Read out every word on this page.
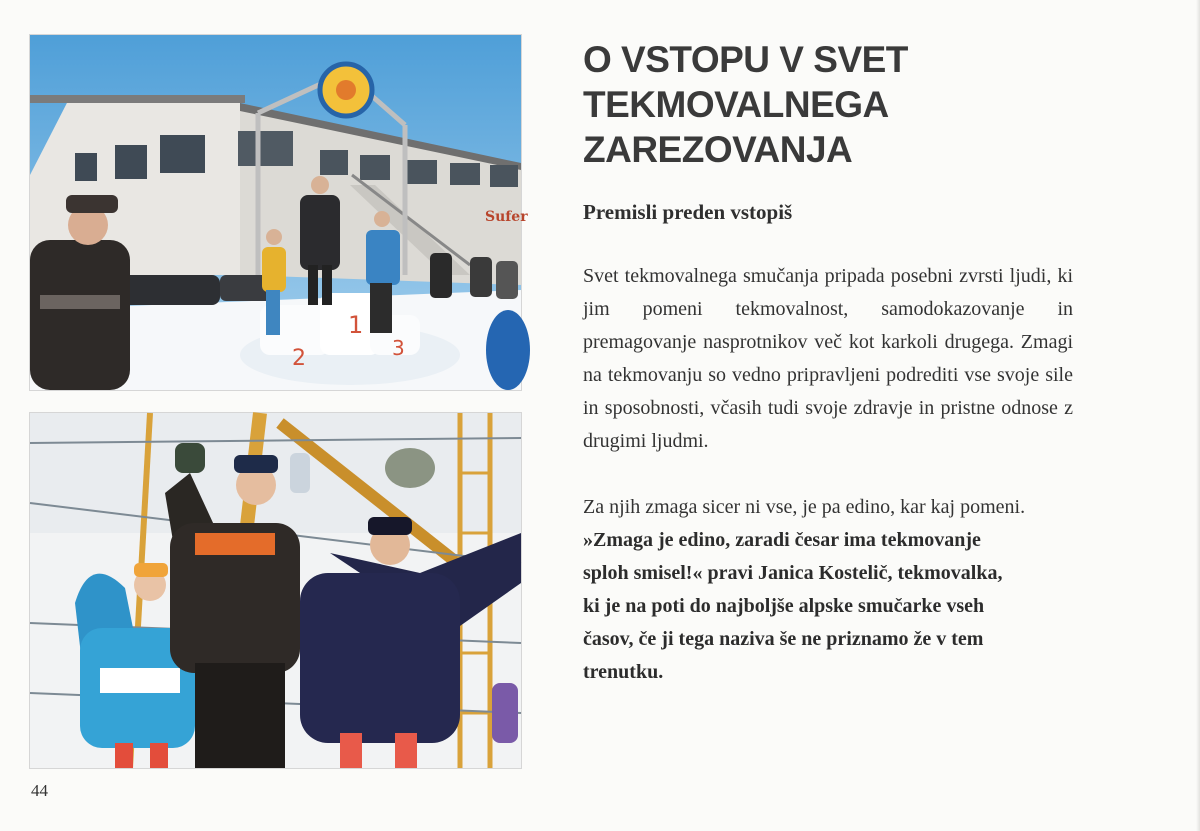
Sufer
2
1
3
44
O VSTOPU V SVET
TEKMOVALNEGA
ZAREZOVANJA
Premisli preden vstopiš

Svet tekmovalnega smučanja pripada posebni zvrsti ljudi, ki jim pomeni tekmovalnost, samodokazovanje in premagovanje nasprotnikov več kot karkoli drugega. Zmagi na tekmovanju so vedno pripravljeni podrediti vse svoje sile in sposobnosti, včasih tudi svoje zdravje in pristne odnose z drugimi ljudmi.

Za njih zmaga sicer ni vse, je pa edino, kar kaj pomeni.

»Zmaga je edino, zaradi česar ima tekmovanje

sploh smisel!« pravi Janica Kostelič, tekmovalka,

ki je na poti do najboljše alpske smučarke vseh

časov, če ji tega naziva še ne priznamo že v tem

trenutku.
